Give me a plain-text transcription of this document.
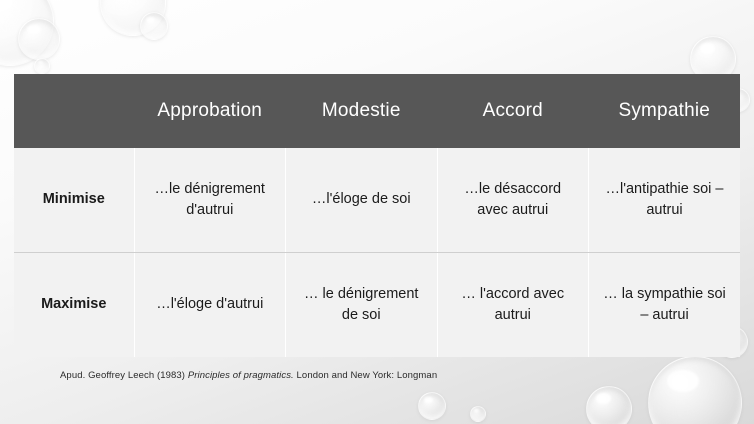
	Approbation	Modestie	Accord	Sympathie
Minimise	…le dénigrement d'autrui	…l'éloge de soi	…le désaccord avec autrui	…l'antipathie soi – autrui
Maximise	…l'éloge d'autrui	… le dénigrement de soi	… l'accord avec autrui	… la sympathie soi – autrui
Apud. Geoffrey Leech (1983) Principles of pragmatics. London and New York: Longman
